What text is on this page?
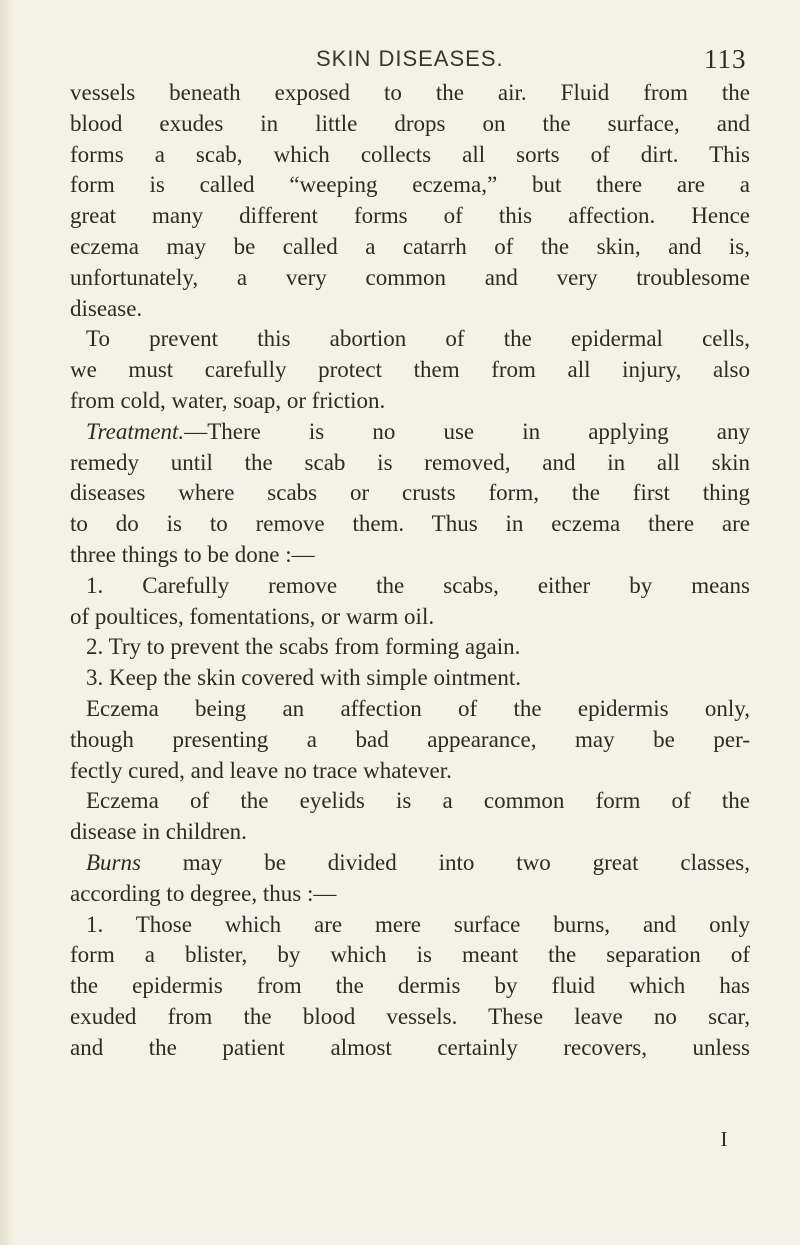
SKIN DISEASES.	113
vessels beneath exposed to the air. Fluid from the
blood exudes in little drops on the surface, and
forms a scab, which collects all sorts of dirt. This
form is called “weeping eczema,” but there are a
great many different forms of this affection. Hence
eczema may be called a catarrh of the skin, and is,
unfortunately, a very common and very troublesome
disease.
To prevent this abortion of the epidermal cells,
we must carefully protect them from all injury, also
from cold, water, soap, or friction.
Treatment.—There is no use in applying any
remedy until the scab is removed, and in all skin
diseases where scabs or crusts form, the first thing
to do is to remove them. Thus in eczema there are
three things to be done :—
1. Carefully remove the scabs, either by means
of poultices, fomentations, or warm oil.
2. Try to prevent the scabs from forming again.
3. Keep the skin covered with simple ointment.
Eczema being an affection of the epidermis only,
though presenting a bad appearance, may be per-
fectly cured, and leave no trace whatever.
Eczema of the eyelids is a common form of the
disease in children.
Burns may be divided into two great classes,
according to degree, thus :—
1. Those which are mere surface burns, and only
form a blister, by which is meant the separation of
the epidermis from the dermis by fluid which has
exuded from the blood vessels. These leave no scar,
and the patient almost certainly recovers, unless
I
